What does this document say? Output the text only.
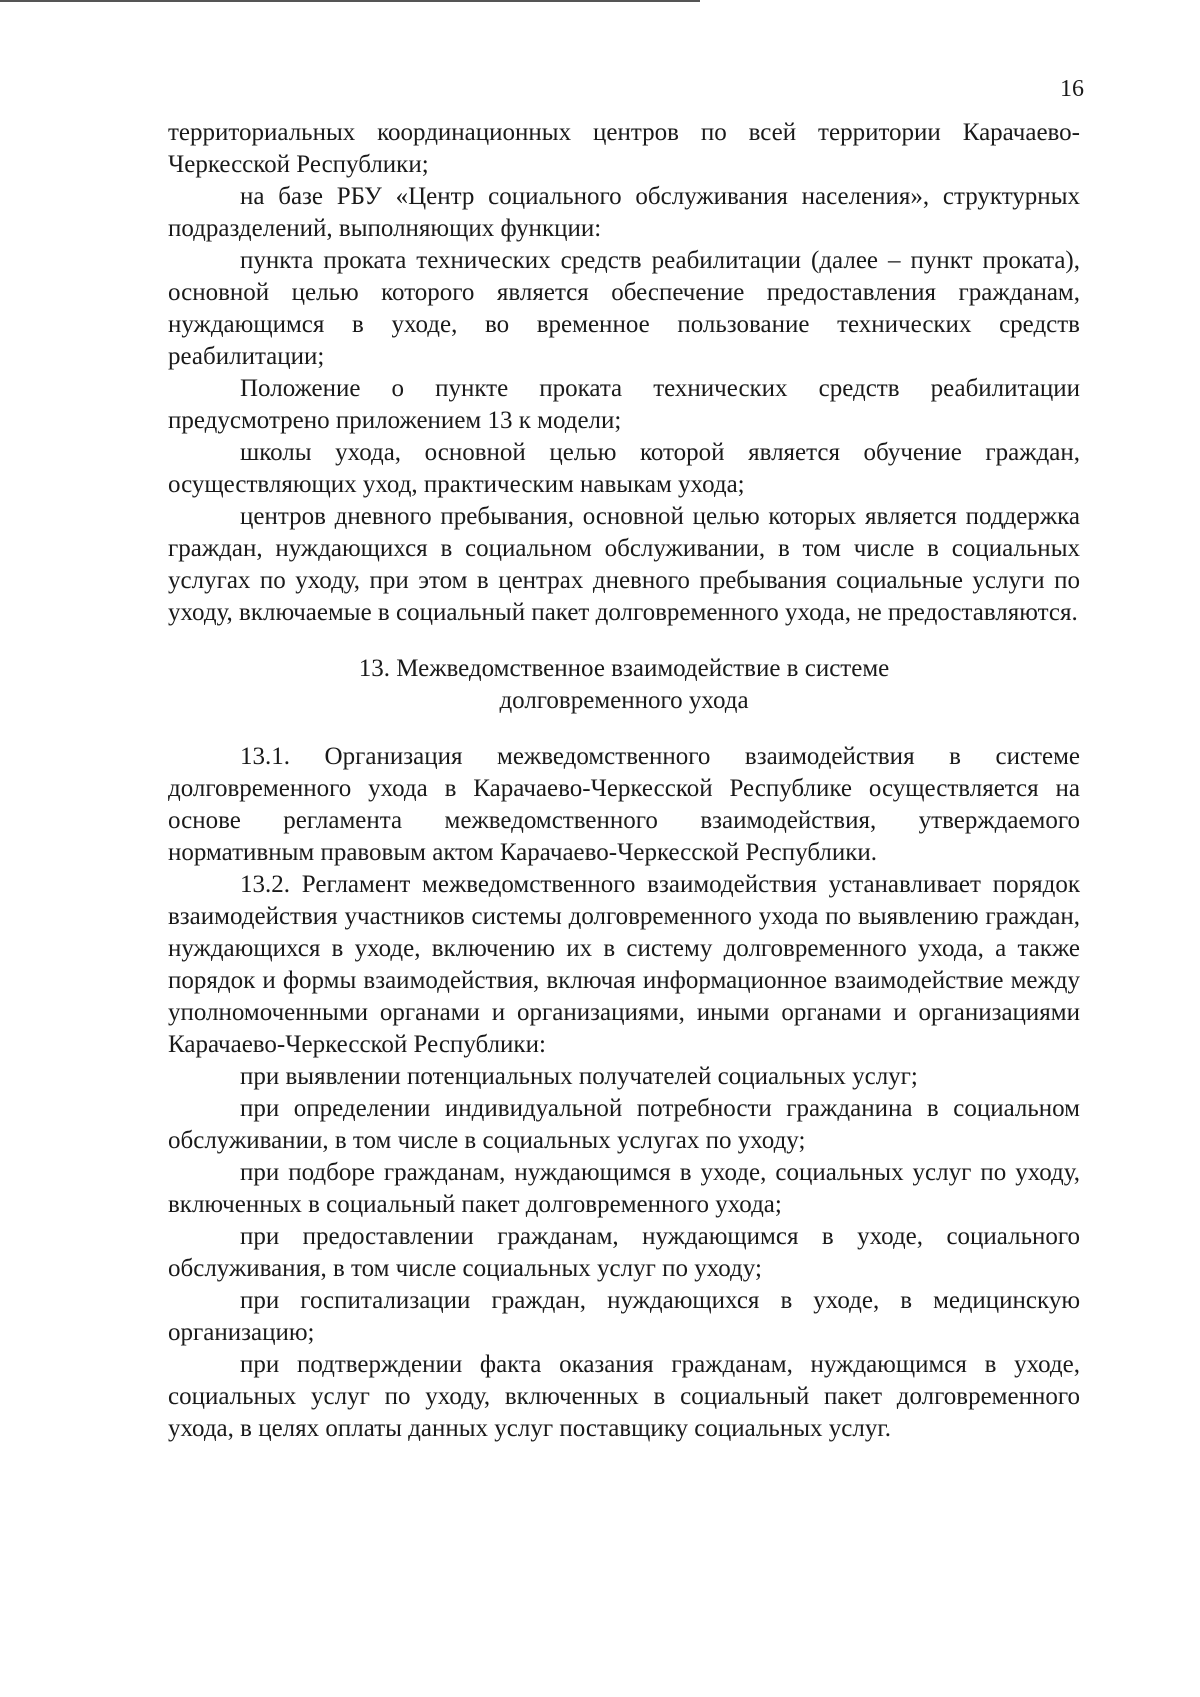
16

территориальных координационных центров по всей территории Карачаево-Черкесской Республики;

на базе РБУ «Центр социального обслуживания населения», структурных подразделений, выполняющих функции:

пункта проката технических средств реабилитации (далее – пункт проката), основной целью которого является обеспечение предоставления гражданам, нуждающимся в уходе, во временное пользование технических средств реабилитации;

Положение о пункте проката технических средств реабилитации предусмотрено приложением 13 к модели;

школы ухода, основной целью которой является обучение граждан, осуществляющих уход, практическим навыкам ухода;

центров дневного пребывания, основной целью которых является поддержка граждан, нуждающихся в социальном обслуживании, в том числе в социальных услугах по уходу, при этом в центрах дневного пребывания социальные услуги по уходу, включаемые в социальный пакет долговременного ухода, не предоставляются.

13. Межведомственное взаимодействие в системе
долговременного ухода

13.1. Организация межведомственного взаимодействия в системе долговременного ухода в Карачаево-Черкесской Республике осуществляется на основе регламента межведомственного взаимодействия, утверждаемого нормативным правовым актом Карачаево-Черкесской Республики.

13.2. Регламент межведомственного взаимодействия устанавливает порядок взаимодействия участников системы долговременного ухода по выявлению граждан, нуждающихся в уходе, включению их в систему долговременного ухода, а также порядок и формы взаимодействия, включая информационное взаимодействие между уполномоченными органами и организациями, иными органами и организациями Карачаево-Черкесской Республики:

при выявлении потенциальных получателей социальных услуг;

при определении индивидуальной потребности гражданина в социальном обслуживании, в том числе в социальных услугах по уходу;

при подборе гражданам, нуждающимся в уходе, социальных услуг по уходу, включенных в социальный пакет долговременного ухода;

при предоставлении гражданам, нуждающимся в уходе, социального обслуживания, в том числе социальных услуг по уходу;

при госпитализации граждан, нуждающихся в уходе, в медицинскую организацию;

при подтверждении факта оказания гражданам, нуждающимся в уходе, социальных услуг по уходу, включенных в социальный пакет долговременного ухода, в целях оплаты данных услуг поставщику социальных услуг.
